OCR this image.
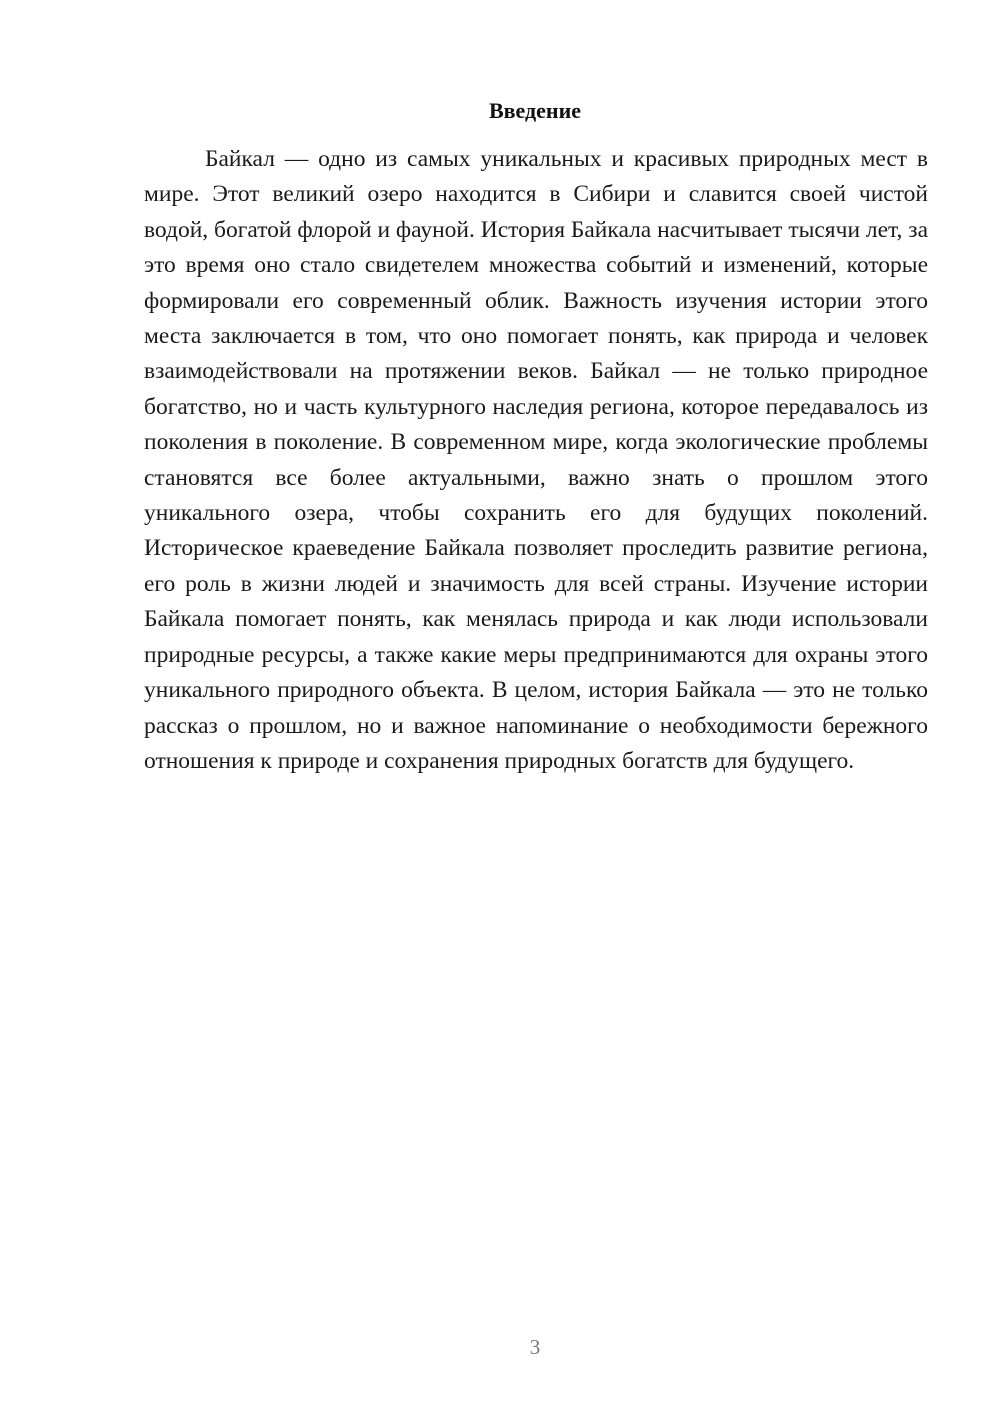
Введение

Байкал — одно из самых уникальных и красивых природных мест в мире. Этот великий озеро находится в Сибири и славится своей чистой водой, богатой флорой и фауной. История Байкала насчитывает тысячи лет, за это время оно стало свидетелем множества событий и изменений, которые формировали его современный облик. Важность изучения истории этого места заключается в том, что оно помогает понять, как природа и человек взаимодействовали на протяжении веков. Байкал — не только природное богатство, но и часть культурного наследия региона, которое передавалось из поколения в поколение. В современном мире, когда экологические проблемы становятся все более актуальными, важно знать о прошлом этого уникального озера, чтобы сохранить его для будущих поколений. Историческое краеведение Байкала позволяет проследить развитие региона, его роль в жизни людей и значимость для всей страны. Изучение истории Байкала помогает понять, как менялась природа и как люди использовали природные ресурсы, а также какие меры предпринимаются для охраны этого уникального природного объекта. В целом, история Байкала — это не только рассказ о прошлом, но и важное напоминание о необходимости бережного отношения к природе и сохранения природных богатств для будущего.

3
